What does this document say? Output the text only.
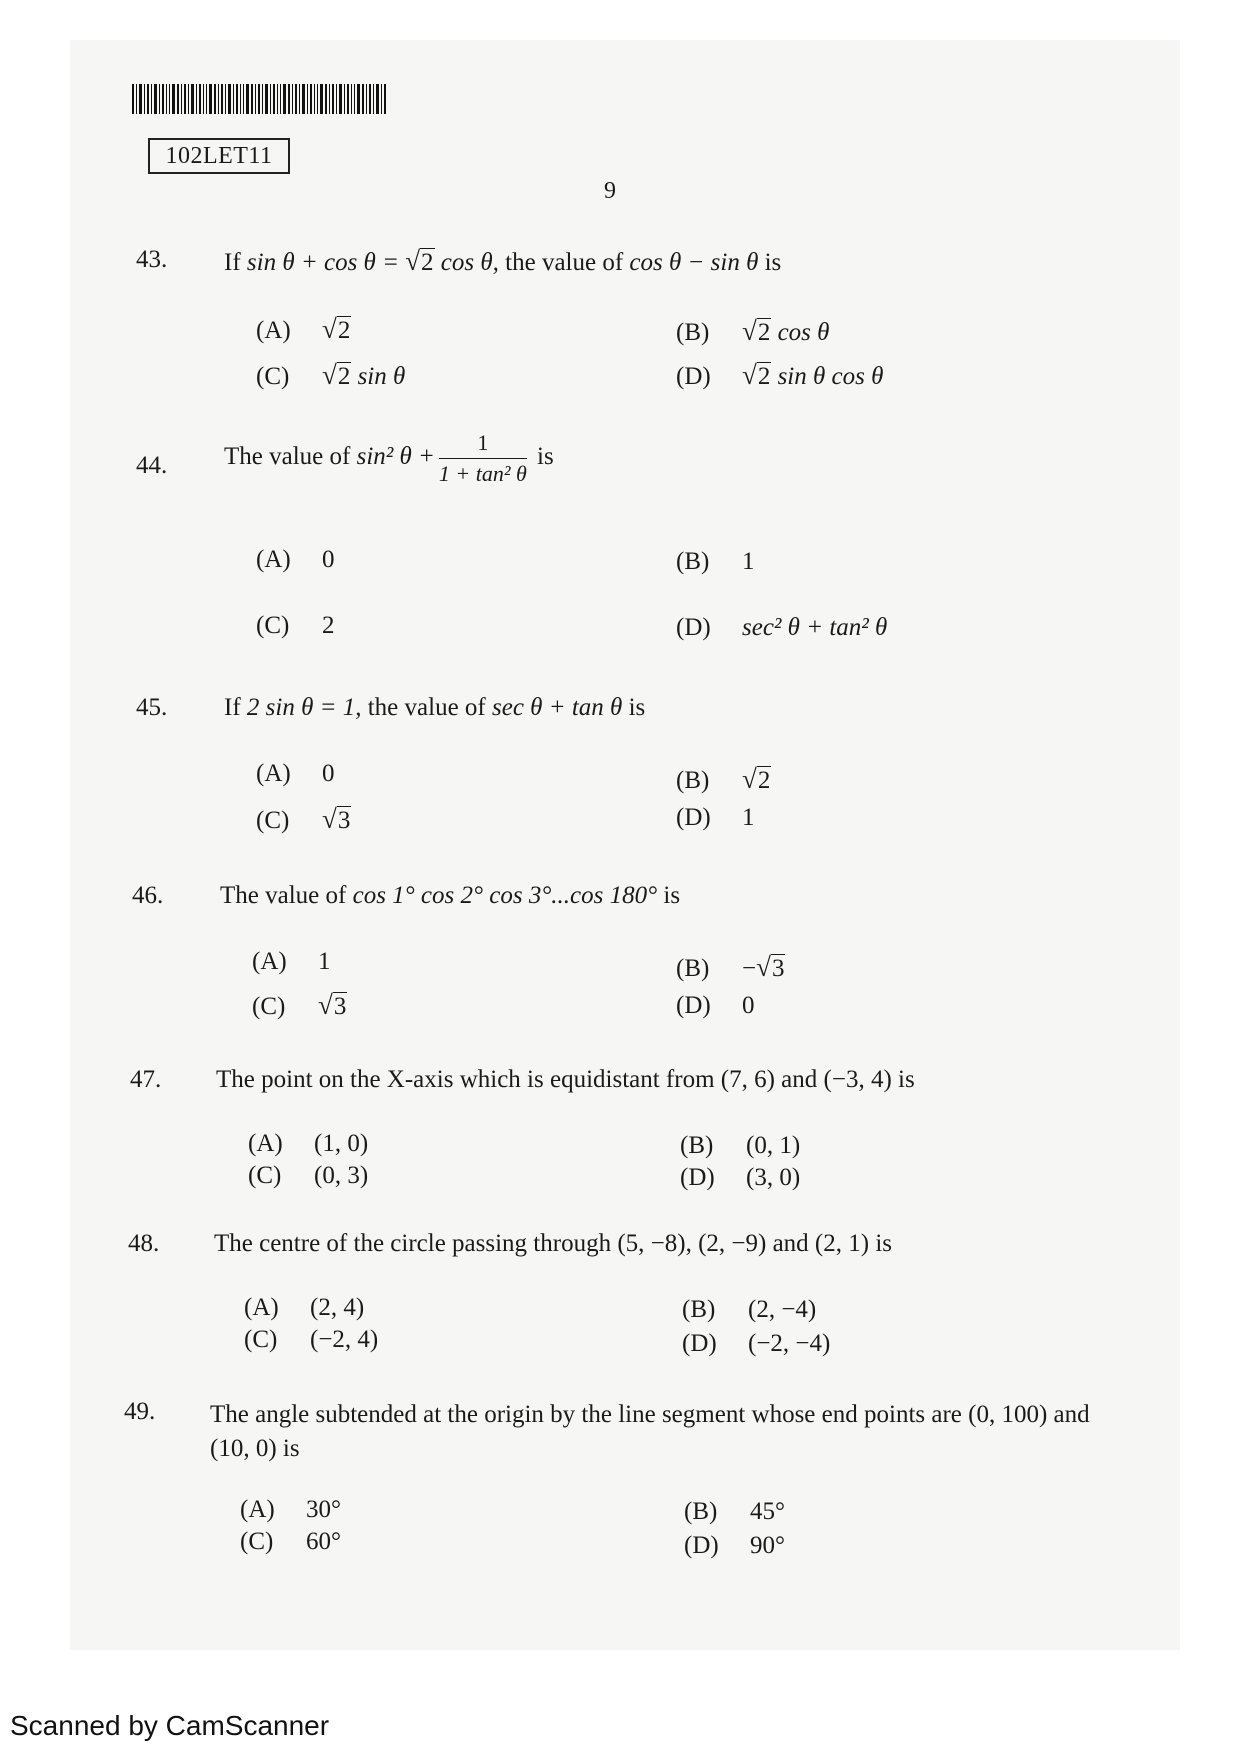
102LET11
9
43.	If sin θ + cos θ = √2 cos θ, the value of cos θ − sin θ is
(A) √2	(B) √2 cos θ
(C) √2 sin θ	(D) √2 sin θ cos θ
44.	The value of sin² $\theta + \frac{1}{\text{1 + tan² θ}}$ is
(A) 0	(B) 1
(C) 2	(D) sec² θ + tan² θ
45.	If 2 sin θ = 1, the value of sec θ + tan θ is
(A) 0	(B) √2
(C) √3	(D) 1
46.	The value of cos 1° cos 2° cos 3°...cos 180° is
(A) 1	(B) −√3
(C) √3	(D) 0
47.	The point on the X-axis which is equidistant from (7, 6) and (−3, 4) is
(A) (1, 0)	(B) (0, 1)
(C) (0, 3)	(D) (3, 0)
48.	The centre of the circle passing through (5, −8), (2, −9) and (2, 1) is
(A) (2, 4)	(B) (2, −4)
(C) (−2, 4)	(D) (−2, −4)
49.	The angle subtended at the origin by the line segment whose end points are (0, 100) and (10, 0) is
(A) 30°	(B) 45°
(C) 60°	(D) 90°
Scanned by CamScanner
